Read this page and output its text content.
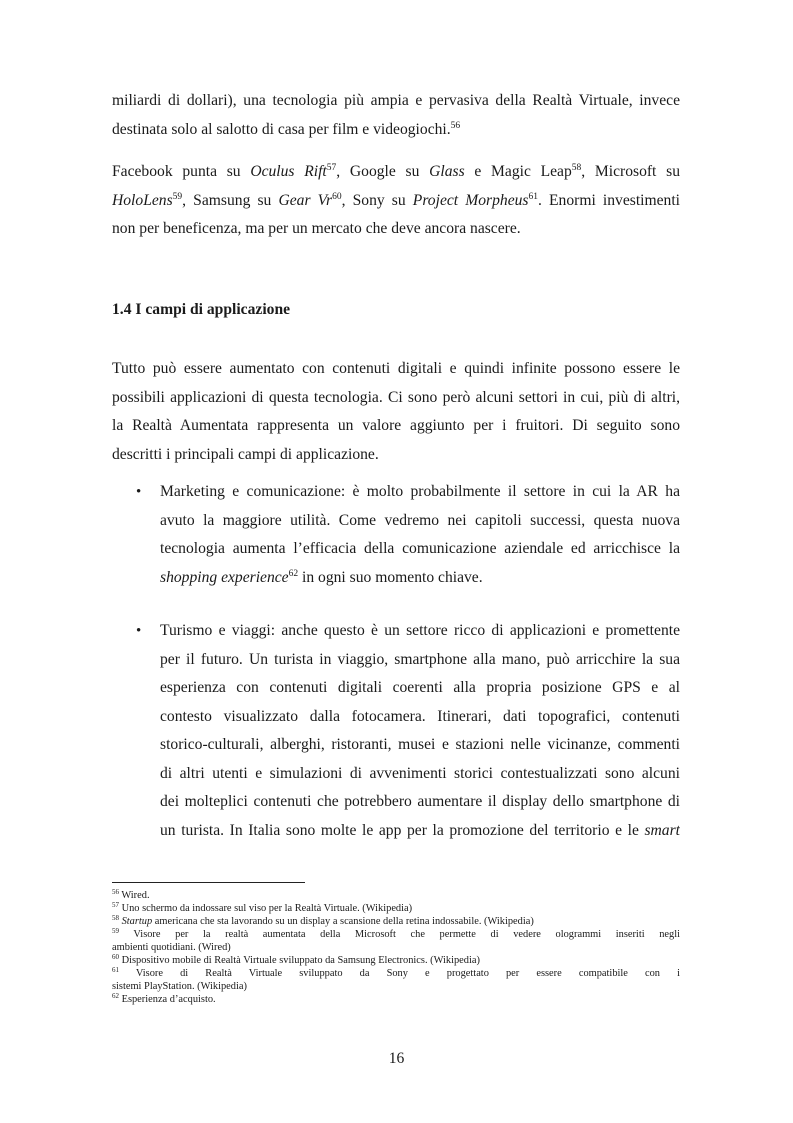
miliardi di dollari), una tecnologia più ampia e pervasiva della Realtà Virtuale, invece
destinata solo al salotto di casa per film e videogiochi.$^{56}$
Facebook punta su Oculus Rift$^{57}$, Google su Glass e Magic Leap$^{58}$, Microsoft su
HoloLens$^{59}$, Samsung su Gear Vr$^{60}$, Sony su Project Morpheus$^{61}$. Enormi investimenti
non per beneficenza, ma per un mercato che deve ancora nascere.
1.4 I campi di applicazione
Tutto può essere aumentato con contenuti digitali e quindi infinite possono essere le
possibili applicazioni di questa tecnologia. Ci sono però alcuni settori in cui, più di altri,
la Realtà Aumentata rappresenta un valore aggiunto per i fruitori. Di seguito sono
descritti i principali campi di applicazione.
• Marketing e comunicazione: è molto probabilmente il settore in cui la AR ha
avuto la maggiore utilità. Come vedremo nei capitoli successi, questa nuova
tecnologia aumenta l’efficacia della comunicazione aziendale ed arricchisce la
shopping experience$^{62}$ in ogni suo momento chiave.
• Turismo e viaggi: anche questo è un settore ricco di applicazioni e promettente
per il futuro. Un turista in viaggio, smartphone alla mano, può arricchire la sua
esperienza con contenuti digitali coerenti alla propria posizione GPS e al
contesto visualizzato dalla fotocamera. Itinerari, dati topografici, contenuti
storico-culturali, alberghi, ristoranti, musei e stazioni nelle vicinanze, commenti
di altri utenti e simulazioni di avvenimenti storici contestualizzati sono alcuni
dei molteplici contenuti che potrebbero aumentare il display dello smartphone di
un turista. In Italia sono molte le app per la promozione del territorio e le smart
$^{56}$ Wired.
$^{57}$ Uno schermo da indossare sul viso per la Realtà Virtuale. (Wikipedia)
$^{58}$ Startup americana che sta lavorando su un display a scansione della retina indossabile. (Wikipedia)
$^{59}$ Visore per la realtà aumentata della Microsoft che permette di vedere ologrammi inseriti negli
ambienti quotidiani. (Wired)
$^{60}$ Dispositivo mobile di Realtà Virtuale sviluppato da Samsung Electronics. (Wikipedia)
$^{61}$ Visore di Realtà Virtuale sviluppato da Sony e progettato per essere compatibile con i
sistemi PlayStation. (Wikipedia)
$^{62}$ Esperienza d’acquisto.
16
